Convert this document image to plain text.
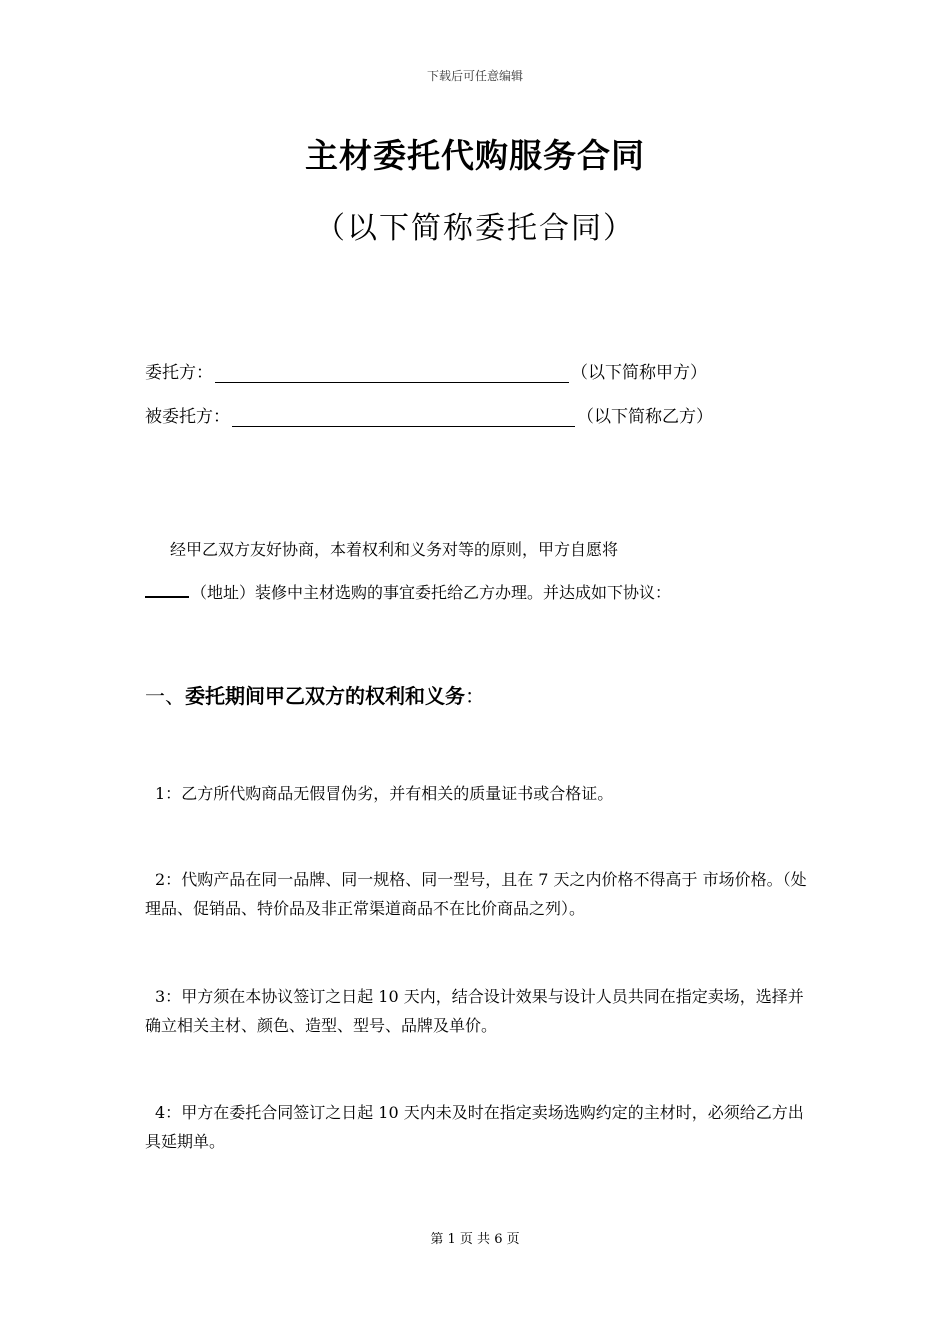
下载后可任意编辑
主材委托代购服务合同
（以下简称委托合同）
委托方：	（以下简称甲方）
被委托方：	（以下简称乙方）
经甲乙双方友好协商，本着权利和义务对等的原则，甲方自愿将
（地址）装修中主材选购的事宜委托给乙方办理。并达成如下协议：
一、委托期间甲乙双方的权利和义务：
1：乙方所代购商品无假冒伪劣，并有相关的质量证书或合格证。
2：代购产品在同一品牌、同一规格、同一型号，且在 7 天之内价格不得高于 市场价格。（处理品、促销品、特价品及非正常渠道商品不在比价商品之列）。
3：甲方须在本协议签订之日起 10 天内，结合设计效果与设计人员共同在指定卖场，选择并确立相关主材、颜色、造型、型号、品牌及单价。
4：甲方在委托合同签订之日起 10 天内未及时在指定卖场选购约定的主材时，必须给乙方出具延期单。
第 1 页 共 6 页
